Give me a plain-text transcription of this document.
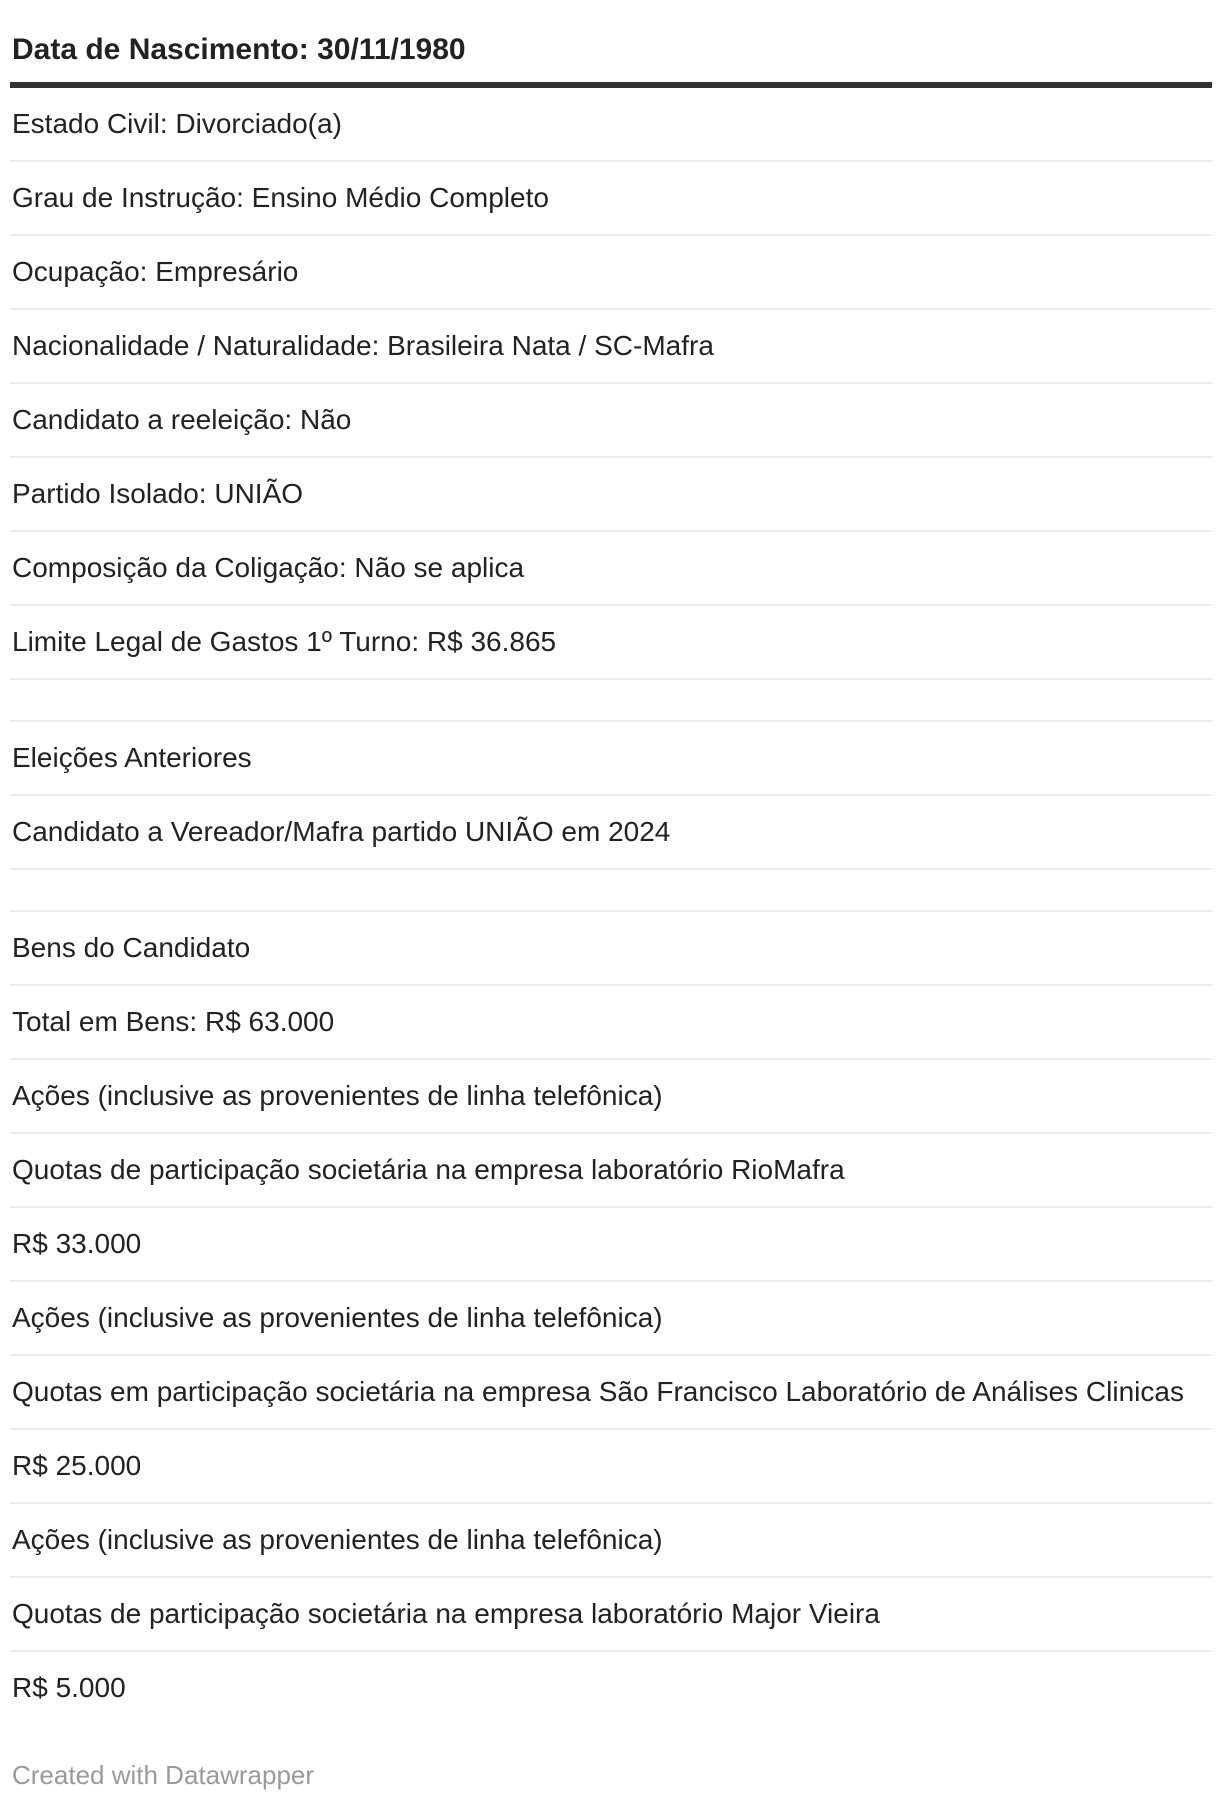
Data de Nascimento: 30/11/1980
Estado Civil: Divorciado(a)
Grau de Instrução: Ensino Médio Completo
Ocupação: Empresário
Nacionalidade / Naturalidade: Brasileira Nata / SC-Mafra
Candidato a reeleição: Não
Partido Isolado: UNIÃO
Composição da Coligação: Não se aplica
Limite Legal de Gastos 1º Turno: R$ 36.865
Eleições Anteriores
Candidato a Vereador/Mafra partido UNIÃO em 2024
Bens do Candidato
Total em Bens: R$ 63.000
Ações (inclusive as provenientes de linha telefônica)
Quotas de participação societária na empresa laboratório RioMafra
R$ 33.000
Ações (inclusive as provenientes de linha telefônica)
Quotas em participação societária na empresa São Francisco Laboratório de Análises Clinicas
R$ 25.000
Ações (inclusive as provenientes de linha telefônica)
Quotas de participação societária na empresa laboratório Major Vieira
R$ 5.000
Created with Datawrapper
